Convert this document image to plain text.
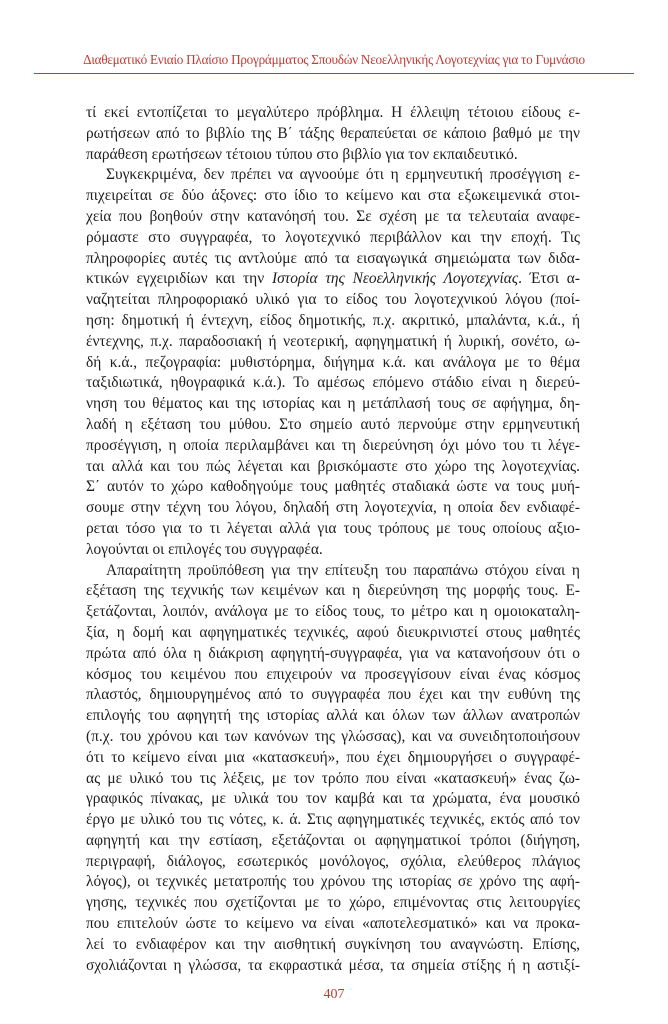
Διαθεματικό Ενιαίο Πλαίσιο Προγράμματος Σπουδών Νεοελληνικής Λογοτεχνίας για το Γυμνάσιο
τί εκεί εντοπίζεται το μεγαλύτερο πρόβλημα. Η έλλειψη τέτοιου είδους ε-
ρωτήσεων από το βιβλίο της Β΄ τάξης θεραπεύεται σε κάποιο βαθμό με την
παράθεση ερωτήσεων τέτοιου τύπου στο βιβλίο για τον εκπαιδευτικό.
Συγκεκριμένα, δεν πρέπει να αγνοούμε ότι η ερμηνευτική προσέγγιση ε-
πιχειρείται σε δύο άξονες: στο ίδιο το κείμενο και στα εξωκειμενικά στοι-
χεία που βοηθούν στην κατανόησή του. Σε σχέση με τα τελευταία αναφε-
ρόμαστε στο συγγραφέα, το λογοτεχνικό περιβάλλον και την εποχή. Τις
πληροφορίες αυτές τις αντλούμε από τα εισαγωγικά σημειώματα των διδα-
κτικών εγχειριδίων και την Ιστορία της Νεοελληνικής Λογοτεχνίας. Έτσι α-
ναζητείται πληροφοριακό υλικό για το είδος του λογοτεχνικού λόγου (ποί-
ηση: δημοτική ή έντεχνη, είδος δημοτικής, π.χ. ακριτικό, μπαλάντα, κ.ά., ή
έντεχνης, π.χ. παραδοσιακή ή νεοτερική, αφηγηματική ή λυρική, σονέτο, ω-
δή κ.ά., πεζογραφία: μυθιστόρημα, διήγημα κ.ά. και ανάλογα με το θέμα
ταξιδιωτικά, ηθογραφικά κ.ά.). Το αμέσως επόμενο στάδιο είναι η διερεύ-
νηση του θέματος και της ιστορίας και η μετάπλασή τους σε αφήγημα, δη-
λαδή η εξέταση του μύθου. Στο σημείο αυτό περνούμε στην ερμηνευτική
προσέγγιση, η οποία περιλαμβάνει και τη διερεύνηση όχι μόνο του τι λέγε-
ται αλλά και του πώς λέγεται και βρισκόμαστε στο χώρο της λογοτεχνίας.
Σ΄ αυτόν το χώρο καθοδηγούμε τους μαθητές σταδιακά ώστε να τους μυή-
σουμε στην τέχνη του λόγου, δηλαδή στη λογοτεχνία, η οποία δεν ενδιαφέ-
ρεται τόσο για το τι λέγεται αλλά για τους τρόπους με τους οποίους αξιο-
λογούνται οι επιλογές του συγγραφέα.
Απαραίτητη προϋπόθεση για την επίτευξη του παραπάνω στόχου είναι η
εξέταση της τεχνικής των κειμένων και η διερεύνηση της μορφής τους. Ε-
ξετάζονται, λοιπόν, ανάλογα με το είδος τους, το μέτρο και η ομοιοκαταλη-
ξία, η δομή και αφηγηματικές τεχνικές, αφού διευκρινιστεί στους μαθητές
πρώτα από όλα η διάκριση αφηγητή-συγγραφέα, για να κατανοήσουν ότι ο
κόσμος του κειμένου που επιχειρούν να προσεγγίσουν είναι ένας κόσμος
πλαστός, δημιουργημένος από το συγγραφέα που έχει και την ευθύνη της
επιλογής του αφηγητή της ιστορίας αλλά και όλων των άλλων ανατροπών
(π.χ. του χρόνου και των κανόνων της γλώσσας), και να συνειδητοποιήσουν
ότι το κείμενο είναι μια «κατασκευή», που έχει δημιουργήσει ο συγγραφέ-
ας με υλικό του τις λέξεις, με τον τρόπο που είναι «κατασκευή» ένας ζω-
γραφικός πίνακας, με υλικά του τον καμβά και τα χρώματα, ένα μουσικό
έργο με υλικό του τις νότες, κ. ά. Στις αφηγηματικές τεχνικές, εκτός από τον
αφηγητή και την εστίαση, εξετάζονται οι αφηγηματικοί τρόποι (διήγηση,
περιγραφή, διάλογος, εσωτερικός μονόλογος, σχόλια, ελεύθερος πλάγιος
λόγος), οι τεχνικές μετατροπής του χρόνου της ιστορίας σε χρόνο της αφή-
γησης, τεχνικές που σχετίζονται με το χώρο, επιμένοντας στις λειτουργίες
που επιτελούν ώστε το κείμενο να είναι «αποτελεσματικό» και να προκα-
λεί το ενδιαφέρον και την αισθητική συγκίνηση του αναγνώστη. Επίσης,
σχολιάζονται η γλώσσα, τα εκφραστικά μέσα, τα σημεία στίξης ή η αστιξί-
407
